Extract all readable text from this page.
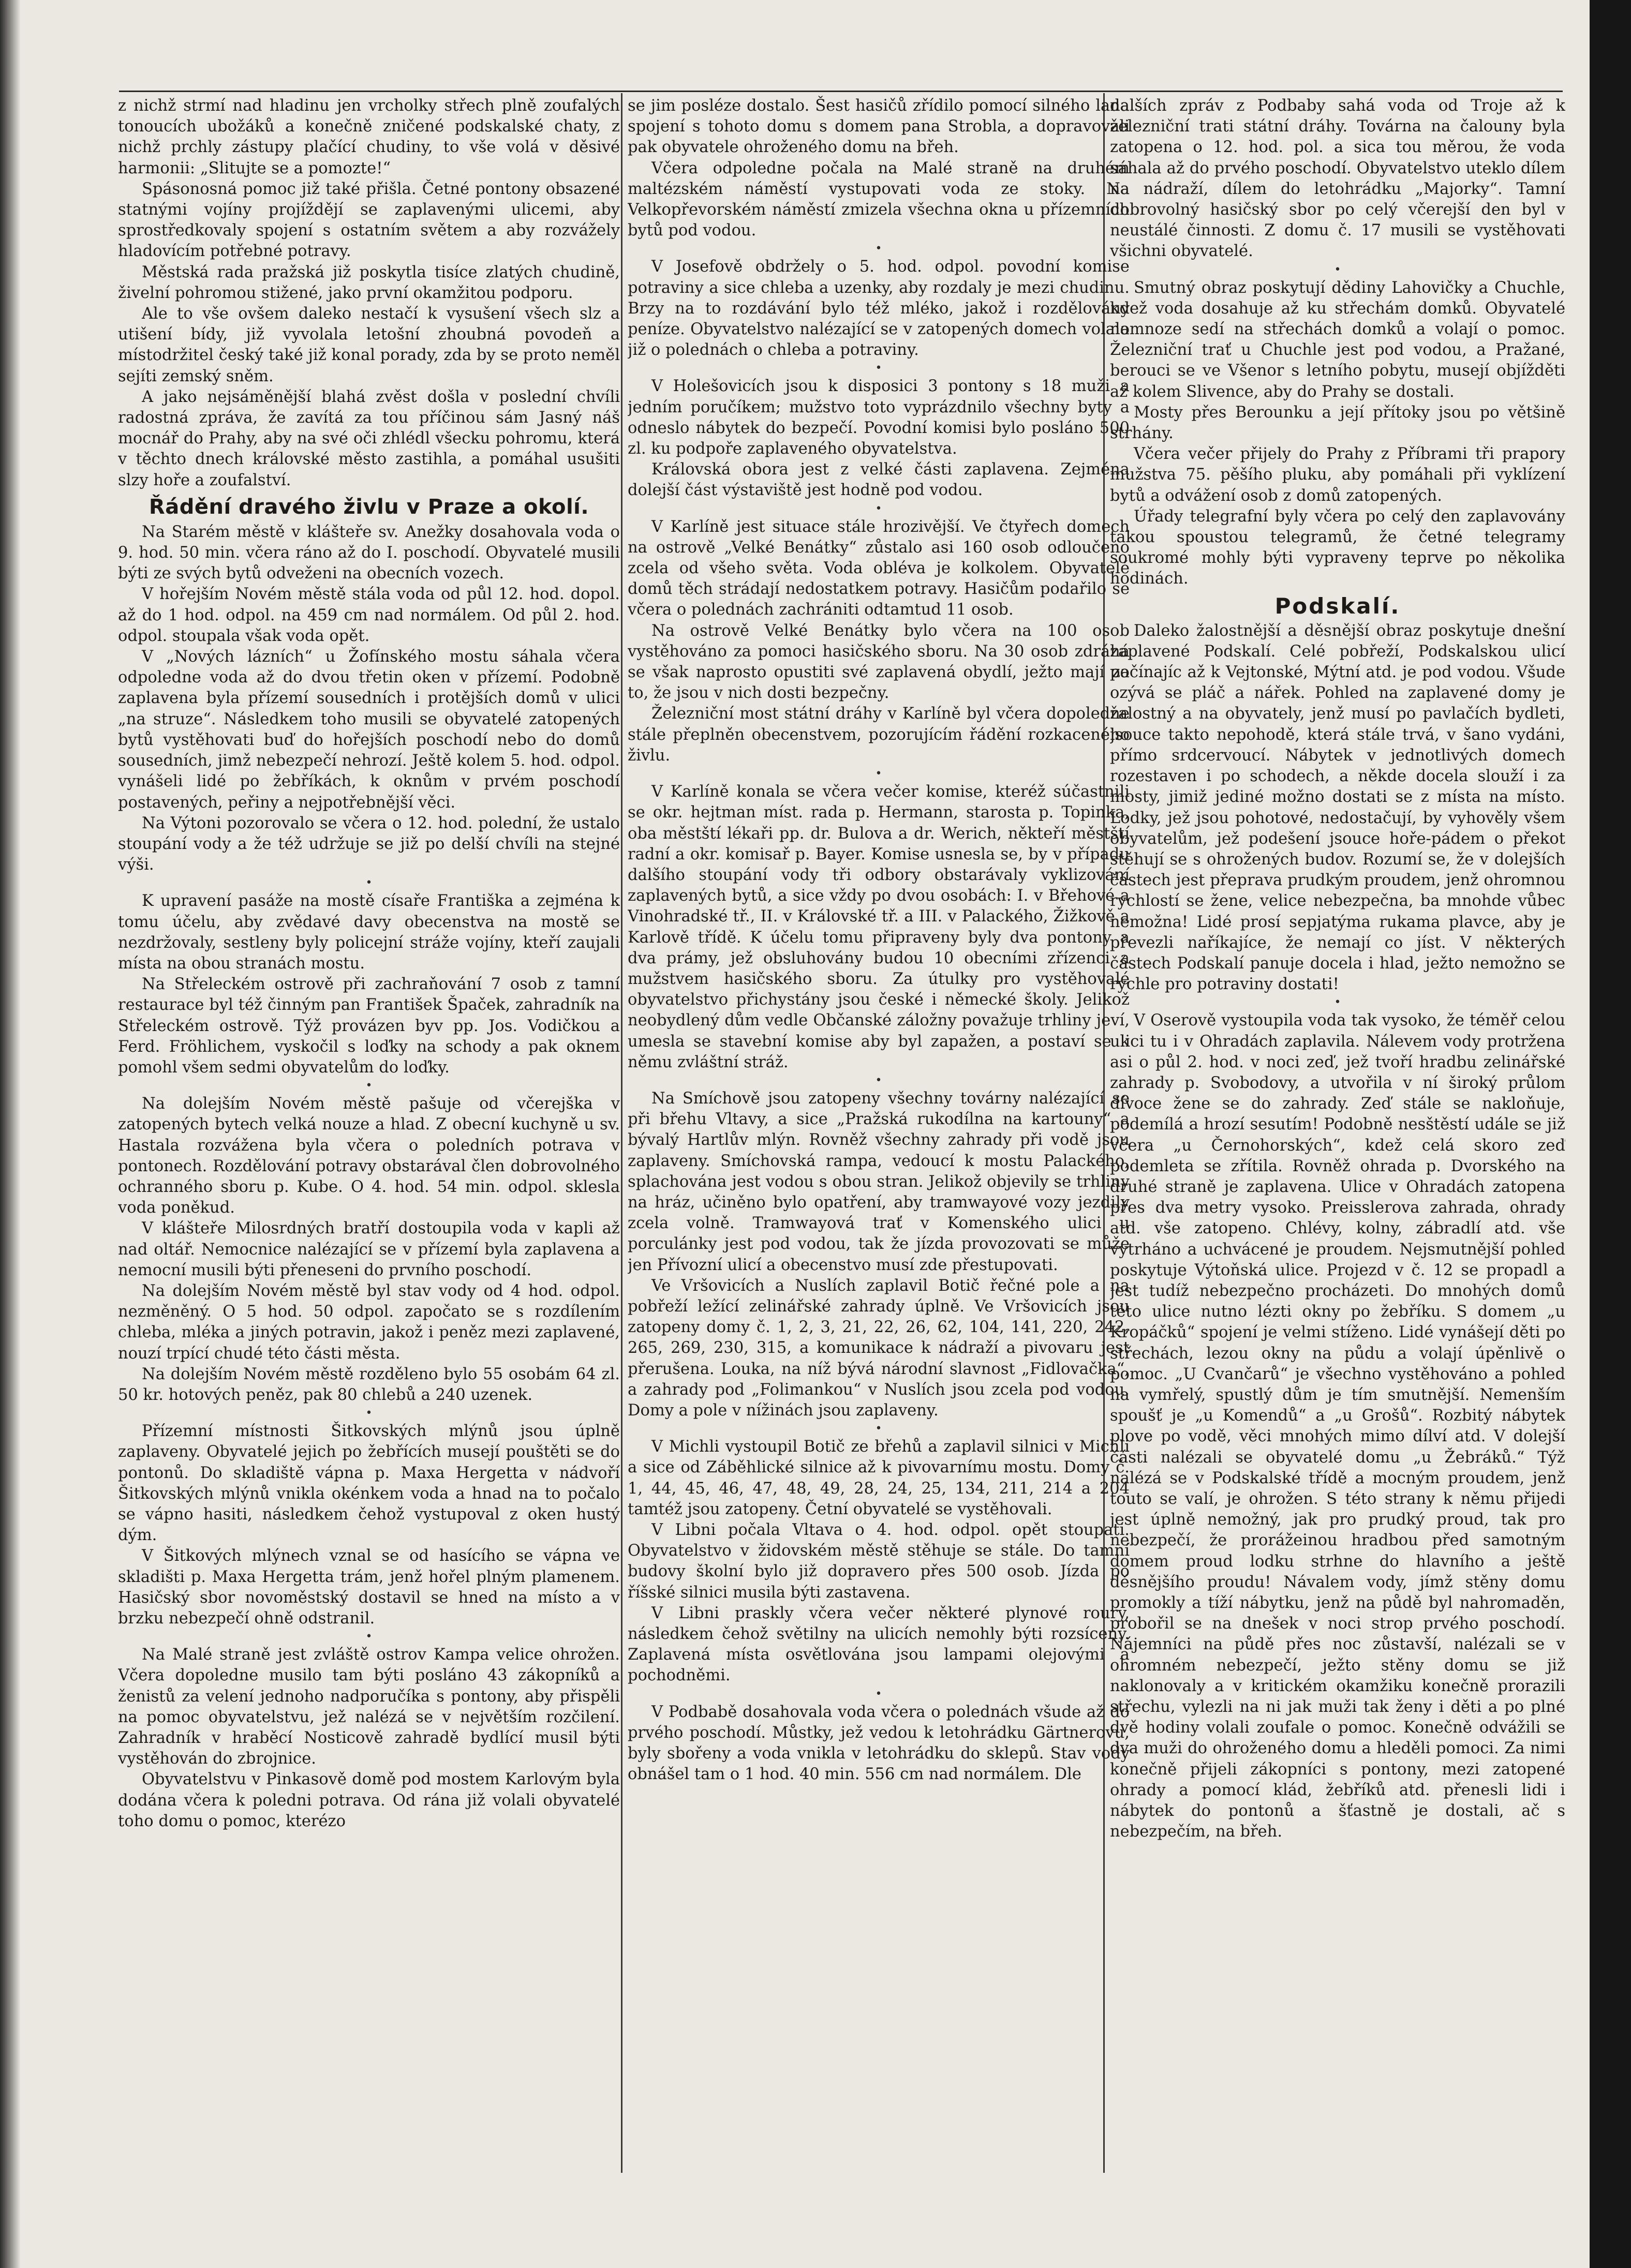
z nichž strmí nad hladinu jen vrcholky střech plně zoufalých tonoucích ubožáků a konečně zničené podskalské chaty, z nichž prchly zástupy plačící chudiny, to vše volá v děsivé harmonii: „Slitujte se a pomozte!“

Spásonosná pomoc již také přišla. Četné pontony obsazené statnými vojíny projíždějí se zaplavenými ulicemi, aby sprostředkovaly spojení s ostatním světem a aby rozvážely hladovícím potřebné potravy.

Městská rada pražská již poskytla tisíce zlatých chudině, živelní pohromou stižené, jako první okamžitou podporu.

Ale to vše ovšem daleko nestačí k vysušení všech slz a utišení bídy, již vyvolala letošní zhoubná povodeň a místodržitel český také již konal porady, zda by se proto neměl sejíti zemský sněm.

A jako nejsáměnější blahá zvěst došla v poslední chvíli radostná zpráva, že zavítá za tou příčinou sám Jasný náš mocnář do Prahy, aby na své oči zhlédl všecku pohromu, která v těchto dnech královské město zastihla, a pomáhal usušiti slzy hoře a zoufalství.

Řádění dravého živlu v Praze a okolí.

Na Starém městě v klášteře sv. Anežky dosahovala voda o 9. hod. 50 min. včera ráno až do I. poschodí. Obyvatelé musili býti ze svých bytů odveženi na obecních vozech.

V hořejším Novém městě stála voda od půl 12. hod. dopol. až do 1 hod. odpol. na 459 cm nad normálem. Od půl 2. hod. odpol. stoupala však voda opět.

V „Nových lázních“ u Žofínského mostu sáhala včera odpoledne voda až do dvou třetin oken v přízemí. Podobně zaplavena byla přízemí sousedních i protějších domů v ulici „na struze“. Následkem toho musili se obyvatelé zatopených bytů vystěhovati buď do hořejších poschodí nebo do domů sousedních, jimž nebezpečí nehrozí. Ještě kolem 5. hod. odpol. vynášeli lidé po žebříkách, k oknům v prvém poschodí postavených, peřiny a nejpotřebnější věci.

Na Výtoni pozorovalo se včera o 12. hod. polední, že ustalo stoupání vody a že též udržuje se již po delší chvíli na stejné výši.

•

K upravení pasáže na mostě císaře Františka a zejména k tomu účelu, aby zvědavé davy obecenstva na mostě se nezdržovaly, sestleny byly policejní stráže vojíny, kteří zaujali místa na obou stranách mostu.

Na Střeleckém ostrově při zachraňování 7 osob z tamní restaurace byl též činným pan František Špaček, zahradník na Střeleckém ostrově. Týž provázen byv pp. Jos. Vodičkou a Ferd. Fröhlichem, vyskočil s loďky na schody a pak oknem pomohl všem sedmi obyvatelům do loďky.

•

Na dolejším Novém městě pašuje od včerejška v zatopených bytech velká nouze a hlad. Z obecní kuchyně u sv. Hastala rozvážena byla včera o poledních potrava v pontonech. Rozdělování potravy obstarával člen dobrovolného ochranného sboru p. Kube. O 4. hod. 54 min. odpol. sklesla voda poněkud.

V klášteře Milosrdných bratří dostoupila voda v kapli až nad oltář. Nemocnice nalézající se v přízemí byla zaplavena a nemocní musili býti přeneseni do prvního poschodí.

Na dolejším Novém městě byl stav vody od 4 hod. odpol. nezměněný. O 5 hod. 50 odpol. započato se s rozdílením chleba, mléka a jiných potravin, jakož i peněz mezi zaplavené, nouzí trpící chudé této části města.

Na dolejším Novém městě rozděleno bylo 55 osobám 64 zl. 50 kr. hotových peněz, pak 80 chlebů a 240 uzenek.

•

Přízemní místnosti Šitkovských mlýnů jsou úplně zaplaveny. Obyvatelé jejich po žebřících musejí pouštěti se do pontonů. Do skladiště vápna p. Maxa Hergetta v nádvoří Šitkovských mlýnů vnikla okénkem voda a hnad na to počalo se vápno hasiti, následkem čehož vystupoval z oken hustý dým.

V Šitkových mlýnech vznal se od hasícího se vápna ve skladišti p. Maxa Hergetta trám, jenž hořel plným plamenem. Hasičský sbor novoměstský dostavil se hned na místo a v brzku nebezpečí ohně odstranil.

•

Na Malé straně jest zvláště ostrov Kampa velice ohrožen. Včera dopoledne musilo tam býti posláno 43 zákopníků a ženistů za velení jednoho nadporučíka s pontony, aby přispěli na pomoc obyvatelstvu, jež nalézá se v největším rozčilení. Zahradník v hraběcí Nosticově zahradě bydlící musil býti vystěhován do zbrojnice.

Obyvatelstvu v Pinkasově domě pod mostem Karlovým byla dodána včera k poledni potrava. Od rána již volali obyvatelé toho domu o pomoc, kterézo

se jim posléze dostalo. Šest hasičů zřídilo pomocí silného lana spojení s tohoto domu s domem pana Strobla, a dopravovali pak obyvatele ohroženého domu na břeh.

Včera odpoledne počala na Malé straně na druhém maltézském náměstí vystupovati voda ze stoky. Na Velkopřevorském náměstí zmizela všechna okna u přízemních bytů pod vodou.

•

V Josefově obdržely o 5. hod. odpol. povodní komise potraviny a sice chleba a uzenky, aby rozdaly je mezi chudinu. Brzy na to rozdávání bylo též mléko, jakož i rozdělovány peníze. Obyvatelstvo nalézající se v zatopených domech volalo již o polednách o chleba a potraviny.

•

V Holešovicích jsou k disposici 3 pontony s 18 muži a jedním poručíkem; mužstvo toto vyprázdnilo všechny byty a odneslo nábytek do bezpečí. Povodní komisi bylo posláno 500 zl. ku podpoře zaplaveného obyvatelstva.

Královská obora jest z velké části zaplavena. Zejména dolejší část výstaviště jest hodně pod vodou.

•

V Karlíně jest situace stále hrozivější. Ve čtyřech domech na ostrově „Velké Benátky“ zůstalo asi 160 osob odloučeno zcela od všeho světa. Voda obléva je kolkolem. Obyvatelé domů těch strádají nedostatkem potravy. Hasičům podařilo se včera o polednách zachrániti odtamtud 11 osob.

Na ostrově Velké Benátky bylo včera na 100 osob vystěhováno za pomoci hasičského sboru. Na 30 osob zdráhá se však naprosto opustiti své zaplavená obydlí, ježto mají za to, že jsou v nich dosti bezpečny.

Železniční most státní dráhy v Karlíně byl včera dopoledne stále přeplněn obecenstvem, pozorujícím řádění rozkaceného živlu.

•

V Karlíně konala se včera večer komise, kteréž súčastnili se okr. hejtman míst. rada p. Hermann, starosta p. Topinka, oba městští lékaři pp. dr. Bulova a dr. Werich, někteří městští radní a okr. komisař p. Bayer. Komise usnesla se, by v případu dalšího stoupání vody tři odbory obstarávaly vyklizování zaplavených bytů, a sice vždy po dvou osobách: I. v Břehové a Vinohradské tř., II. v Královské tř. a III. v Palackého, Žižkově a Karlově třídě. K účelu tomu připraveny byly dva pontony a dva prámy, jež obsluhovány budou 10 obecními zřízenci a mužstvem hasičského sboru. Za útulky pro vystěhovalé obyvatelstvo přichystány jsou české i německé školy. Jelikož neobydlený dům vedle Občanské záložny považuje trhliny jeví, umesla se stavební komise aby byl zapažen, a postaví se k němu zvláštní stráž.

•

Na Smíchově jsou zatopeny všechny továrny nalézající se při břehu Vltavy, a sice „Pražská rukodílna na kartouny“ a bývalý Hartlův mlýn. Rovněž všechny zahrady při vodě jsou zaplaveny. Smíchovská rampa, vedoucí k mostu Palackého, splachována jest vodou s obou stran. Jelikož objevily se trhliny na hráz, učiněno bylo opatření, aby tramwayové vozy jezdily zcela volně. Tramwayová trať v Komenského ulici u porculánky jest pod vodou, tak že jízda provozovati se může jen Přívozní ulicí a obecenstvo musí zde přestupovati.

Ve Vršovicích a Nuslích zaplavil Botič řečné pole a na pobřeží ležící zelinářské zahrady úplně. Ve Vršovicích jsou zatopeny domy č. 1, 2, 3, 21, 22, 26, 62, 104, 141, 220, 242, 265, 269, 230, 315, a komunikace k nádraží a pivovaru jest přerušena. Louka, na níž bývá národní slavnost „Fidlovačka“, a zahrady pod „Folimankou“ v Nuslích jsou zcela pod vodou. Domy a pole v nížinách jsou zaplaveny.

•

V Michli vystoupil Botič ze břehů a zaplavil silnici v Michli a sice od Záběhlické silnice až k pivovarnímu mostu. Domy č. 1, 44, 45, 46, 47, 48, 49, 28, 24, 25, 134, 211, 214 a 204 tamtéž jsou zatopeny. Četní obyvatelé se vystěhovali.

V Libni počala Vltava o 4. hod. odpol. opět stoupati. Obyvatelstvo v židovském městě stěhuje se stále. Do tamní budovy školní bylo již dopravero přes 500 osob. Jízda po říšské silnici musila býti zastavena.

V Libni praskly včera večer některé plynové roury, následkem čehož světilny na ulicích nemohly býti rozsíceny. Zaplavená místa osvětlována jsou lampami olejovými a pochodněmi.

•

V Podbabě dosahovala voda včera o polednách všude až do prvého poschodí. Můstky, jež vedou k letohrádku Gärtnerovu, byly sbořeny a voda vnikla v letohrádku do sklepů. Stav vody obnášel tam o 1 hod. 40 min. 556 cm nad normálem. Dle

dalších zpráv z Podbaby sahá voda od Troje až k železniční trati státní dráhy. Továrna na čalouny byla zatopena o 12. hod. pol. a sica tou měrou, že voda sáhala až do prvého poschodí. Obyvatelstvo uteklo dílem na nádraží, dílem do letohrádku „Majorky“. Tamní dobrovolný hasičský sbor po celý včerejší den byl v neustálé činnosti. Z domu č. 17 musili se vystěhovati všichni obyvatelé.

•

Smutný obraz poskytují dědiny Lahovičky a Chuchle, kdež voda dosahuje až ku střechám domků. Obyvatelé namnoze sedí na střechách domků a volají o pomoc. Železniční trať u Chuchle jest pod vodou, a Pražané, berouci se ve Všenor s letního pobytu, musejí objížděti až kolem Slivence, aby do Prahy se dostali.

Mosty přes Berounku a její přítoky jsou po většině strhány.

Včera večer přijely do Prahy z Příbrami tři prapory mužstva 75. pěšího pluku, aby pomáhali při vyklízení bytů a odvážení osob z domů zatopených.

Úřady telegrafní byly včera po celý den zaplavovány takou spoustou telegramů, že četné telegramy soukromé mohly býti vypraveny teprve po několika hodinách.

Podskalí.

Daleko žalostnější a děsnější obraz poskytuje dnešní zaplavené Podskalí. Celé pobřeží, Podskalskou ulicí počínajíc až k Vejtonské, Mýtní atd. je pod vodou. Všude ozývá se pláč a nářek. Pohled na zaplavené domy je žalostný a na obyvately, jenž musí po pavlačích bydleti, jsouce takto nepohodě, která stále trvá, v šano vydáni, přímo srdcervoucí. Nábytek v jednotlivých domech rozestaven i po schodech, a někde docela slouží i za mosty, jimiž jediné možno dostati se z místa na místo. Lodky, jež jsou pohotové, nedostačují, by vyhověly všem obyvatelům, jež podešení jsouce hoře‑pádem o překot stěhují se s ohrožených budov. Rozumí se, že v dolejších částech jest přeprava prudkým proudem, jenž ohromnou rychlostí se žene, velice nebezpečna, ba mnohde vůbec nemožna! Lidé prosí sepjatýma rukama plavce, aby je převezli naříkajíce, že nemají co jíst. V některých částech Podskalí panuje docela i hlad, ježto nemožno se rychle pro potraviny dostati!

•

V Oserově vystoupila voda tak vysoko, že téměř celou ulici tu i v Ohradách zaplavila. Nálevem vody protržena asi o půl 2. hod. v noci zeď, jež tvoří hradbu zelinářské zahrady p. Svobodovy, a utvořila v ní široký průlom dívoce žene se do zahrady. Zeď stále se nakloňuje, podemílá a hrozí sesutím! Podobně nesštěstí udále se již včera „u Černohorských“, kdež celá skoro zeď podemleta se zřítila. Rovněž ohrada p. Dvorského na druhé straně je zaplavena. Ulice v Ohradách zatopena přes dva metry vysoko. Preisslerova zahrada, ohrady atd. vše zatopeno. Chlévy, kolny, zábradlí atd. vše vytrháno a uchvácené je proudem. Nejsmutnější pohled poskytuje Výtoňská ulice. Projezd v č. 12 se propadl a jest tudíž nebezpečno procházeti. Do mnohých domů této ulice nutno lézti okny po žebříku. S domem „u Kropáčků“ spojení je velmi stíženo. Lidé vynášejí děti po střechách, lezou okny na půdu a volají úpěnlivě o pomoc. „U Cvančarů“ je všechno vystěhováno a pohled na vymřelý, spustlý dům je tím smutnější. Nemenším spoušť je „u Komendů“ a „u Grošů“. Rozbitý nábytek plove po vodě, věci mnohých mimo dílví atd. V dolejší části nalézali se obyvatelé domu „u Žebráků.“ Týž nalézá se v Podskalské třídě a mocným proudem, jenž touto se valí, je ohrožen. S této strany k němu přijedi jest úplně nemožný, jak pro prudký proud, tak pro nebezpečí, že prorážeinou hradbou před samotným domem proud lodku strhne do hlavního a ještě děsnějšího proudu! Návalem vody, jímž stěny domu promokly a tíží nábytku, jenž na půdě byl nahromaděn, probořil se na dnešek v noci strop prvého poschodí. Nájemníci na půdě přes noc zůstavší, nalézali se v ohromném nebezpečí, ježto stěny domu se již naklonovaly a v kritickém okamžiku konečně prorazili střechu, vylezli na ni jak muži tak ženy i děti a po plné dvě hodiny volali zoufale o pomoc. Konečně odvážili se dva muži do ohroženého domu a hleděli pomoci. Za nimi konečně přijeli zákopníci s pontony, mezi zatopené ohrady a pomocí klád, žebříků atd. přenesli lidi i nábytek do pontonů a šťastně je dostali, ač s nebezpečím, na břeh.
